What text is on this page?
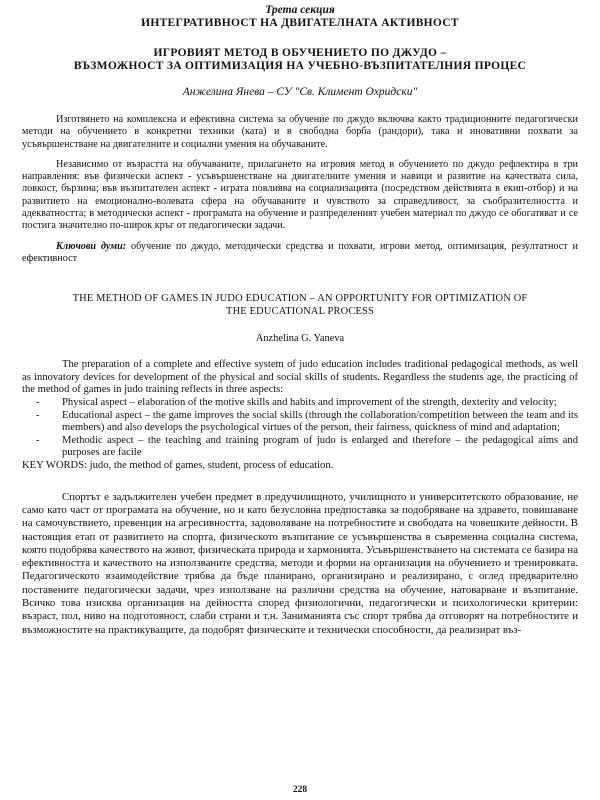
Трета секция
ИНТЕГРАТИВНОСТ НА ДВИГАТЕЛНАТА АКТИВНОСТ
ИГРОВИЯТ МЕТОД В ОБУЧЕНИЕТО ПО ДЖУДО –
ВЪЗМОЖНОСТ ЗА ОПТИМИЗАЦИЯ НА УЧЕБНО-ВЪЗПИТАТЕЛНИЯ ПРОЦЕС
Анжелина Янева – СУ "Св. Климент Охридски"

Изготвянето на комплексна и ефективна система за обучение по джудо включва както традиционните педагогически методи на обучението в конкретни техники (ката) и в свободна борба (рандори), така и иновативни похвати за усъвършенстване на двигателните и социални умения на обучаваните.

Независимо от възрастта на обучаваните, прилагането на игровия метод в обучението по джудо рефлектира в три направления: във физически аспект - усъвършенстване на двигателните умения и навици и развитие на качествата сила, ловкост, бързина; във възпитателен аспект - играта повлиява на социализацията (посредством действията в екип-отбор) и на развитието на емоционално-волевата сфера на обучаваните и чувството за справедливост, за съобразителността и адекватността; в методически аспект - програмата на обучение и разпределеният учебен материал по джудо се обогатяват и се постига значително по-широк кръг от педагогически задачи.

Ключови думи: обучение по джудо, методически средства и похвати, игрови метод, оптимизация, резултатност и ефективност

THE METHOD OF GAMES IN JUDO EDUCATION – AN OPPORTUNITY FOR OPTIMIZATION OF
THE EDUCATIONAL PROCESS
Anzhelina G. Yaneva

The preparation of a complete and effective system of judo education includes traditional pedagogical methods, as well as innovatory devices for development of the physical and social skills of students. Regardless the students age, the practicing of the method of games in judo training reflects in three aspects:

- Physical aspect – elaboration of the motive skills and habits and improvement of the strength, dexterity and velocity;
- Educational aspect – the game improves the social skills (through the collaboration/competition between the team and its members) and also develops the psychological virtues of the person, their fairness, quickness of mind and adaptation;
- Methodic aspect – the teaching and training program of judo is enlarged and therefore – the pedagogical aims and purposes are facile

KEY WORDS: judo, the method of games, student, process of education.

Спортът е задължителен учебен предмет в предучилищното, училищното и университетското образование, не само като част от програмата на обучение, но и като безусловна предпоставка за подобряване на здравето, повишаване на самочувствието, превенция на агресивността, задоволяване на потребностите и свободата на човешките дейности. В настоящия етап от развитието на спорта, физическото възпитание се усъвършенства в съвременна социална система, която подобрява качеството на живот, физическата природа и хармонията. Усъвършенстването на системата се базира на ефективността и качеството на използваните средства, методи и форми на организация на обучението и тренировката. Педагогическото взаимодействие трябва да бъде планирано, организирано и реализирано, с оглед предварително поставените педагогически задачи, чрез използване на различни средства на обучение, натоварване и възпитание. Всичко това изисква организация на дейността според физиологични, педагогически и психологически критерии: възраст, пол, ниво на подготовност, слаби страни и т.н. Заниманията със спорт трябва да отговорят на потребностите и възможностите на практикуващите, да подобрят физическите и технически способности, да реализират въз-

228
